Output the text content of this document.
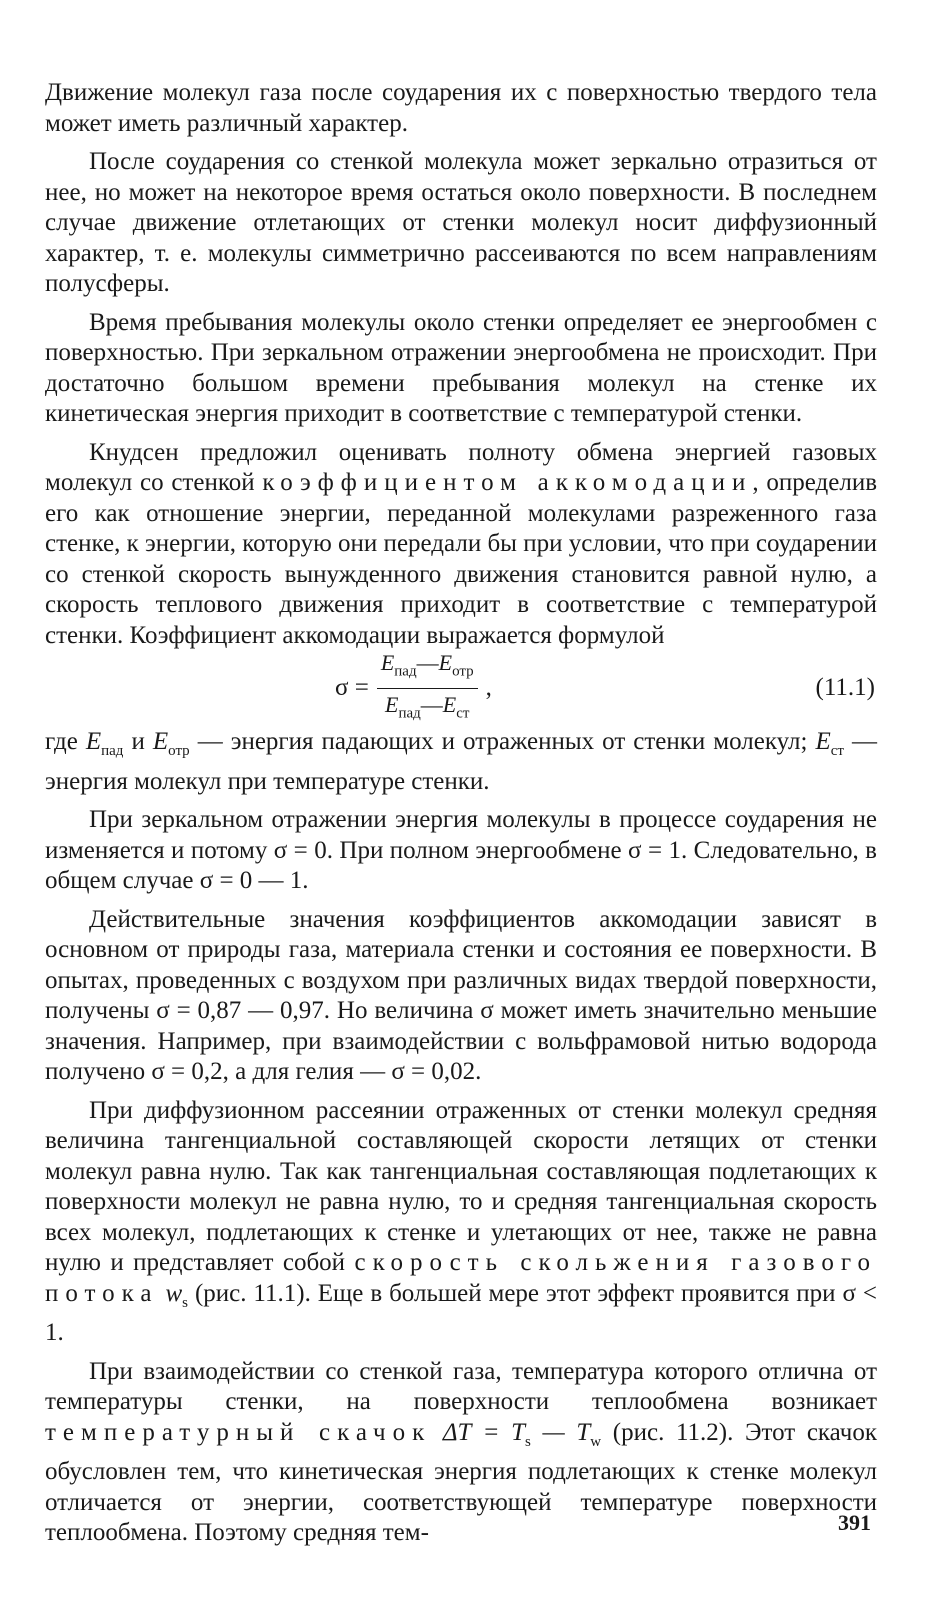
Движение молекул газа после соударения их с поверхностью твердого тела может иметь различный характер.

После соударения со стенкой молекула может зеркально отразиться от нее, но может на некоторое время остаться около поверхности. В последнем случае движение отлетающих от стенки молекул носит диффузионный характер, т. е. молекулы симметрично рассеиваются по всем направлениям полусферы.

Время пребывания молекулы около стенки определяет ее энергообмен с поверхностью. При зеркальном отражении энергообмена не происходит. При достаточно большом времени пребывания молекул на стенке их кинетическая энергия приходит в соответствие с температурой стенки.

Кнудсен предложил оценивать полноту обмена энергией газовых молекул со стенкой коэффициентом аккомодации, определив его как отношение энергии, переданной молекулами разреженного газа стенке, к энергии, которую они передали бы при условии, что при соударении со стенкой скорость вынужденного движения становится равной нулю, а скорость теплового движения приходит в соответствие с температурой стенки. Коэффициент аккомодации выражается формулой

$\sigma = \frac{E_{пад}—E_{отр}}{E_{пад}—E_{ст}}$ ,	(11.1)

где $E_{пад}$ и $E_{отр}$ — энергия падающих и отраженных от стенки молекул; $E_{ст}$ — энергия молекул при температуре стенки.

При зеркальном отражении энергия молекулы в процессе соударения не изменяется и потому σ = 0. При полном энергообмене σ = 1. Следовательно, в общем случае σ = 0 — 1.

Действительные значения коэффициентов аккомодации зависят в основном от природы газа, материала стенки и состояния ее поверхности. В опытах, проведенных с воздухом при различных видах твердой поверхности, получены σ = 0,87 — 0,97. Но величина σ может иметь значительно меньшие значения. Например, при взаимодействии с вольфрамовой нитью водорода получено σ = 0,2, а для гелия — σ = 0,02.

При диффузионном рассеянии отраженных от стенки молекул средняя величина тангенциальной составляющей скорости летящих от стенки молекул равна нулю. Так как тангенциальная составляющая подлетающих к поверхности молекул не равна нулю, то и средняя тангенциальная скорость всех молекул, подлетающих к стенке и улетающих от нее, также не равна нулю и представляет собой скорость скольжения газового потока $w_s$ (рис. 11.1). Еще в большей мере этот эффект проявится при σ < 1.

При взаимодействии со стенкой газа, температура которого отлична от температуры стенки, на поверхности теплообмена возникает температурный скачок $\Delta T = T_s$ — $T_w$ (рис. 11.2). Этот скачок обусловлен тем, что кинетическая энергия подлетающих к стенке молекул отличается от энергии, соответствующей температуре поверхности теплообмена. Поэтому средняя тем-	391
